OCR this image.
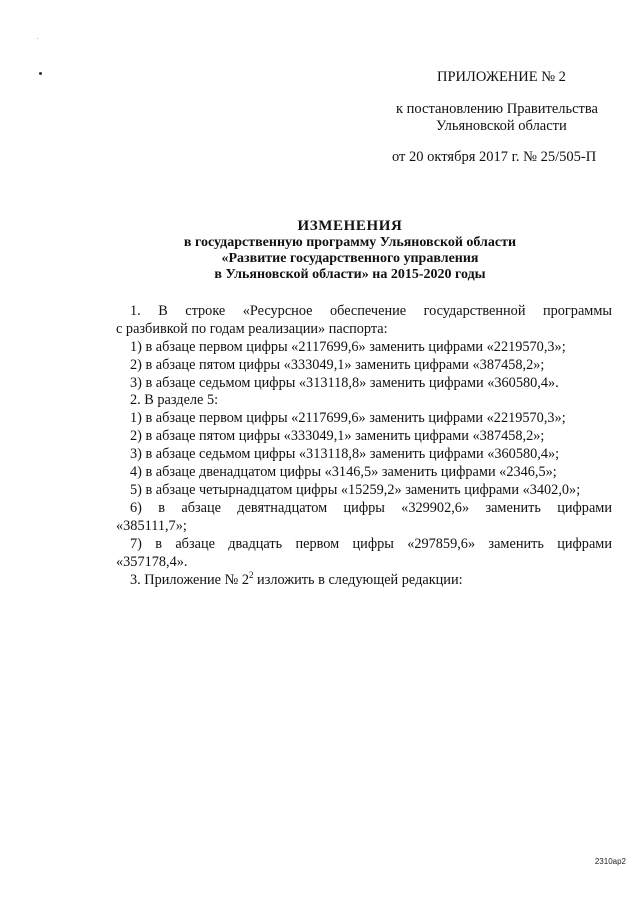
ПРИЛОЖЕНИЕ № 2
к постановлению Правительства
Ульяновской области
от 20 октября 2017 г. № 25/505-П
ИЗМЕНЕНИЯ
в государственную программу Ульяновской области
«Развитие государственного управления
в Ульяновской области» на 2015-2020 годы
1. В строке «Ресурсное обеспечение государственной программы
с разбивкой по годам реализации» паспорта:
1) в абзаце первом цифры «2117699,6» заменить цифрами «2219570,3»;
2) в абзаце пятом цифры «333049,1» заменить цифрами «387458,2»;
3) в абзаце седьмом цифры «313118,8» заменить цифрами «360580,4».
2. В разделе 5:
1) в абзаце первом цифры «2117699,6» заменить цифрами «2219570,3»;
2) в абзаце пятом цифры «333049,1» заменить цифрами «387458,2»;
3) в абзаце седьмом цифры «313118,8» заменить цифрами «360580,4»;
4) в абзаце двенадцатом цифры «3146,5» заменить цифрами «2346,5»;
5) в абзаце четырнадцатом цифры «15259,2» заменить цифрами «3402,0»;
6) в абзаце девятнадцатом цифры «329902,6» заменить цифрами
«385111,7»;
7) в абзаце двадцать первом цифры «297859,6» заменить цифрами
«357178,4».
3. Приложение № $2^2$ изложить в следующей редакции:
2310ap2
